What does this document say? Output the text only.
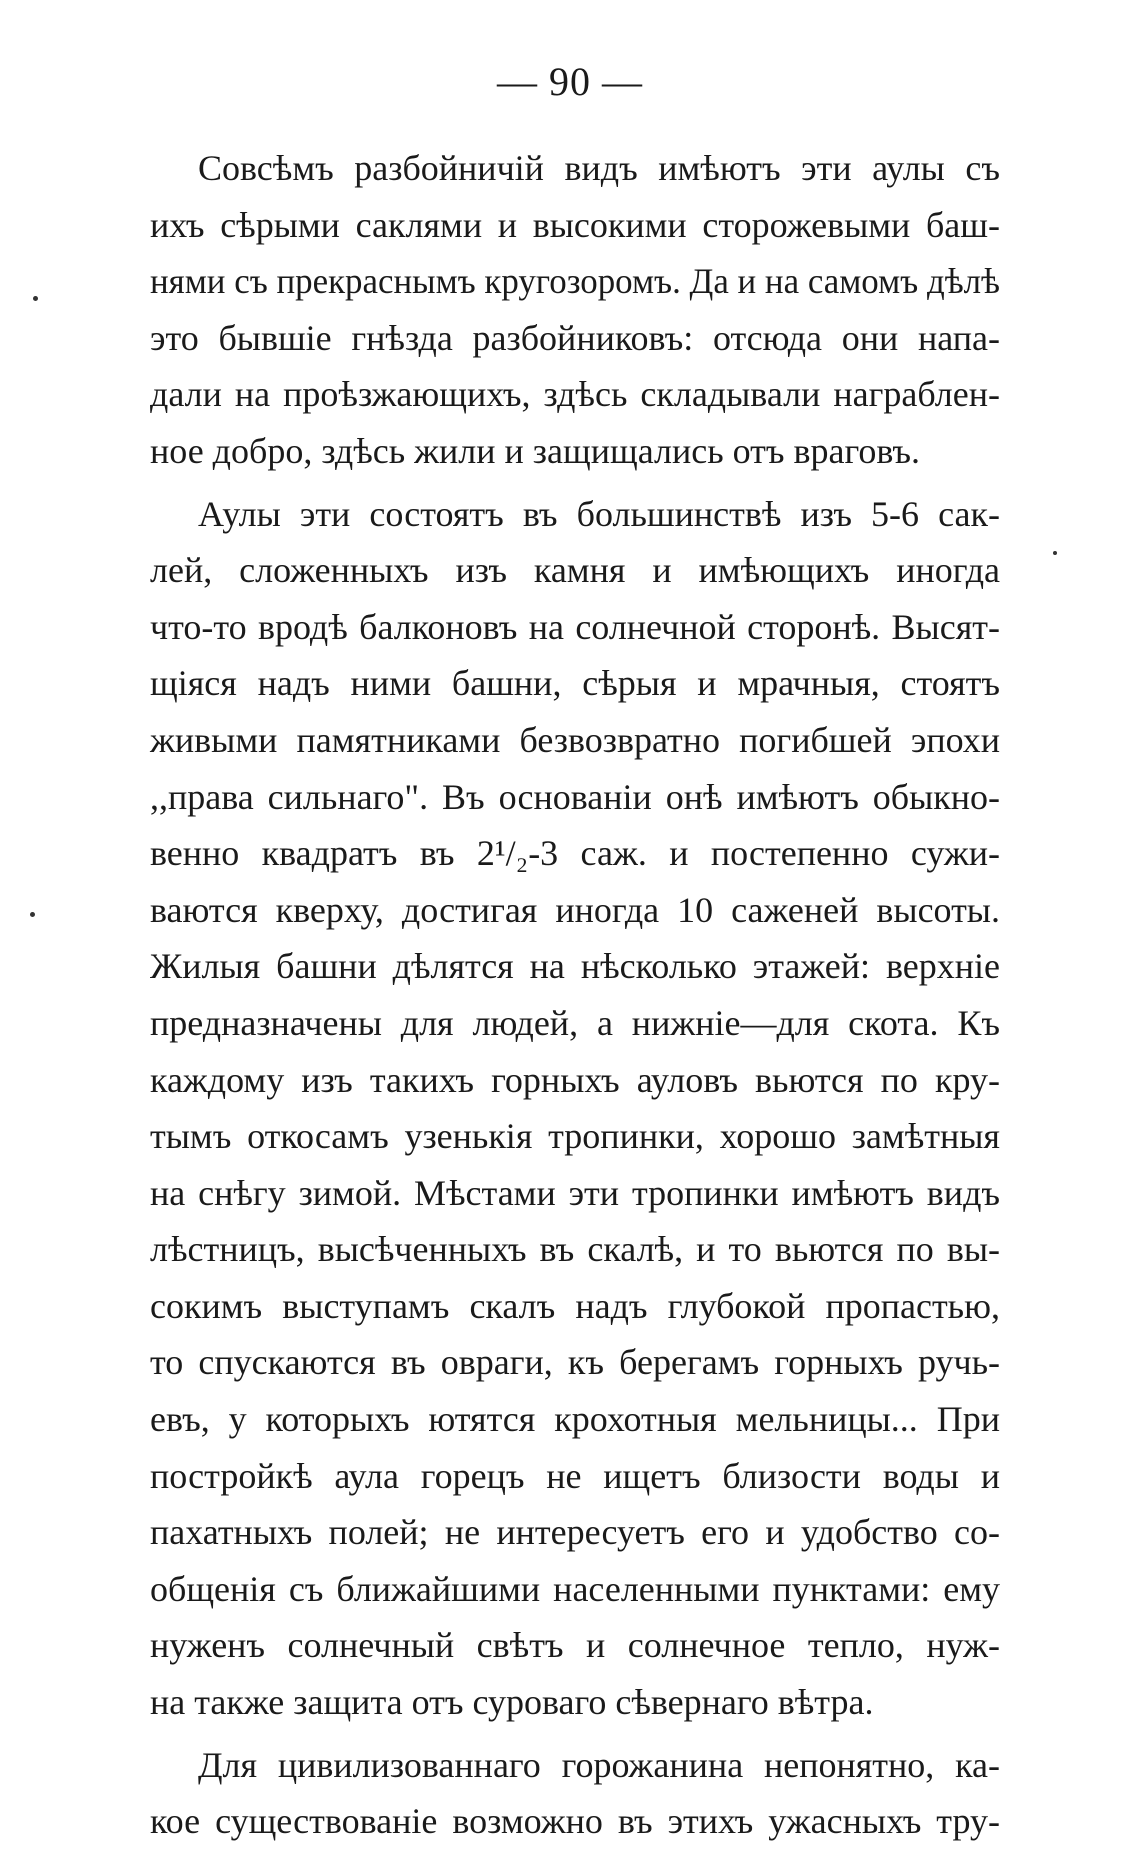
— 90 —
Совсѣмъ разбойничій видъ имѣютъ эти аулы съ
ихъ сѣрыми саклями и высокими сторожевыми баш-
нями съ прекраснымъ кругозоромъ. Да и на самомъ дѣлѣ
это бывшіе гнѣзда разбойниковъ: отсюда они напа-
дали на проѣзжающихъ, здѣсь складывали награблен-
ное добро, здѣсь жили и защищались отъ враговъ.
Аулы эти состоятъ въ большинствѣ изъ 5-6 сак-
лей, сложенныхъ изъ камня и имѣющихъ иногда
что-то вродѣ балконовъ на солнечной сторонѣ. Высят-
щіяся надъ ними башни, сѣрыя и мрачныя, стоятъ
живыми памятниками безвозвратно погибшей эпохи
,,права сильнаго". Въ основаніи онѣ имѣютъ обыкно-
венно квадратъ въ 2¹/₂-3 саж. и постепенно сужи-
ваются кверху, достигая иногда 10 саженей высоты.
Жилыя башни дѣлятся на нѣсколько этажей: верхніе
предназначены для людей, а нижніе—для скота. Къ
каждому изъ такихъ горныхъ ауловъ вьются по кру-
тымъ откосамъ узенькія тропинки, хорошо замѣтныя
на снѣгу зимой. Мѣстами эти тропинки имѣютъ видъ
лѣстницъ, высѣченныхъ въ скалѣ, и то вьются по вы-
сокимъ выступамъ скалъ надъ глубокой пропастью,
то спускаются въ овраги, къ берегамъ горныхъ ручь-
евъ, у которыхъ ютятся крохотныя мельницы... При
постройкѣ аула горецъ не ищетъ близости воды и
пахатныхъ полей; не интересуетъ его и удобство со-
общенія съ ближайшими населенными пунктами: ему
нуженъ солнечный свѣтъ и солнечное тепло, нуж-
на также защита отъ суроваго сѣвернаго вѣтра.
Для цивилизованнаго горожанина непонятно, ка-
кое существованіе возможно въ этихъ ужасныхъ тру-
